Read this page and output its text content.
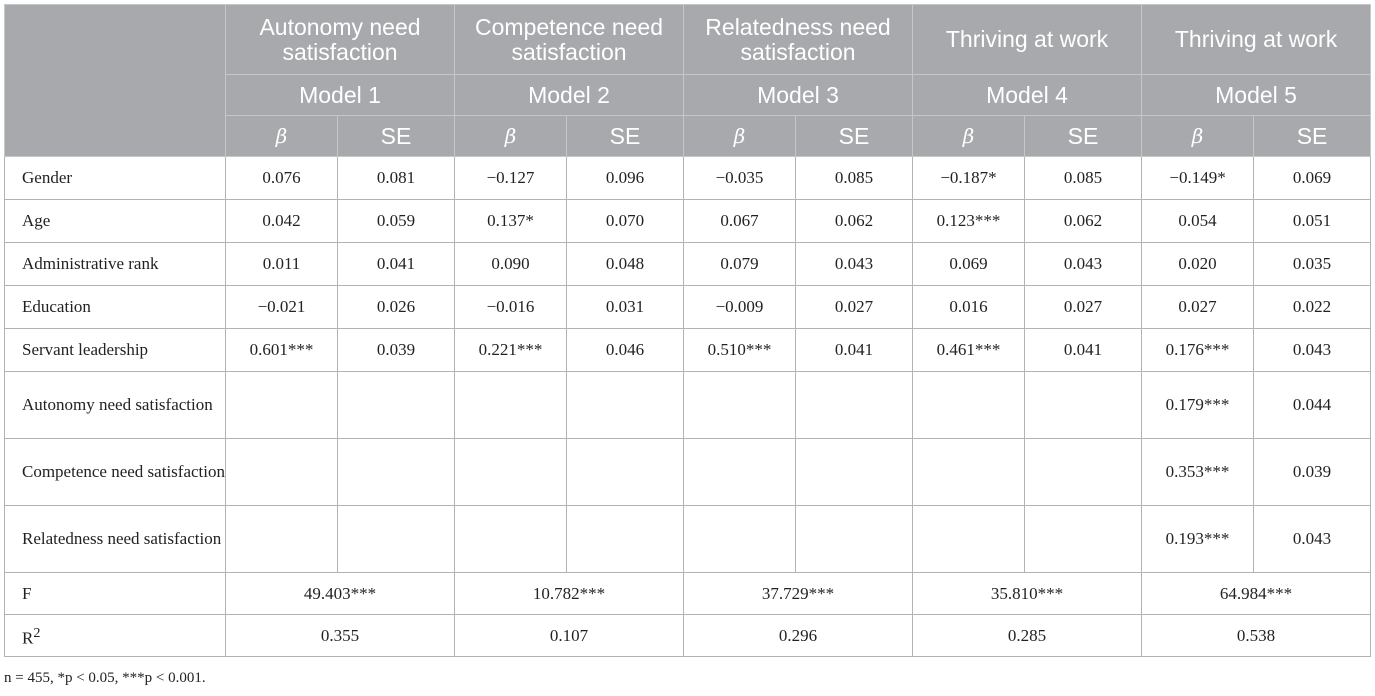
	Autonomy need satisfaction		Competence need satisfaction		Relatedness need satisfaction		Thriving at work		Thriving at work	
	Model 1		Model 2		Model 3		Model 4		Model 5	
	β	SE	β	SE	β	SE	β	SE	β	SE
Gender	0.076	0.081	−0.127	0.096	−0.035	0.085	−0.187*	0.085	−0.149*	0.069
Age	0.042	0.059	0.137*	0.070	0.067	0.062	0.123***	0.062	0.054	0.051
Administrative rank	0.011	0.041	0.090	0.048	0.079	0.043	0.069	0.043	0.020	0.035
Education	−0.021	0.026	−0.016	0.031	−0.009	0.027	0.016	0.027	0.027	0.022
Servant leadership	0.601***	0.039	0.221***	0.046	0.510***	0.041	0.461***	0.041	0.176***	0.043
Autonomy need satisfaction									0.179***	0.044
Competence need satisfaction									0.353***	0.039
Relatedness need satisfaction									0.193***	0.043
F	49.403***		10.782***		37.729***		35.810***		64.984***	
$R^2$	0.355		0.107		0.296		0.285		0.538	
n = 455, *p < 0.05, ***p < 0.001.
